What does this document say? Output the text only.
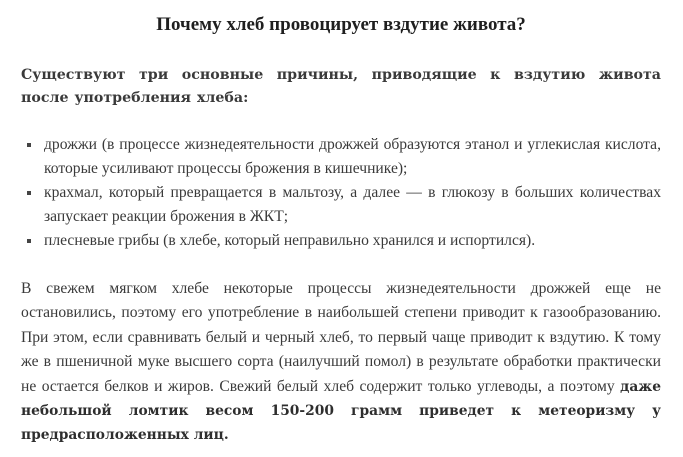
Почему хлеб провоцирует вздутие живота?

Существуют три основные причины, приводящие к вздутию живота после употребления хлеба:

дрожжи (в процессе жизнедеятельности дрожжей образуются этанол и углекислая кислота, которые усиливают процессы брожения в кишечнике);
крахмал, который превращается в мальтозу, а далее — в глюкозу в больших количествах запускает реакции брожения в ЖКТ;
плесневые грибы (в хлебе, который неправильно хранился и испортился).

В свежем мягком хлебе некоторые процессы жизнедеятельности дрожжей еще не остановились, поэтому его употребление в наибольшей степени приводит к газообразованию. При этом, если сравнивать белый и черный хлеб, то первый чаще приводит к вздутию. К тому же в пшеничной муке высшего сорта (наилучший помол) в результате обработки практически не остается белков и жиров. Свежий белый хлеб содержит только углеводы, а поэтому даже небольшой ломтик весом 150-200 грамм приведет к метеоризму у предрасположенных лиц.
